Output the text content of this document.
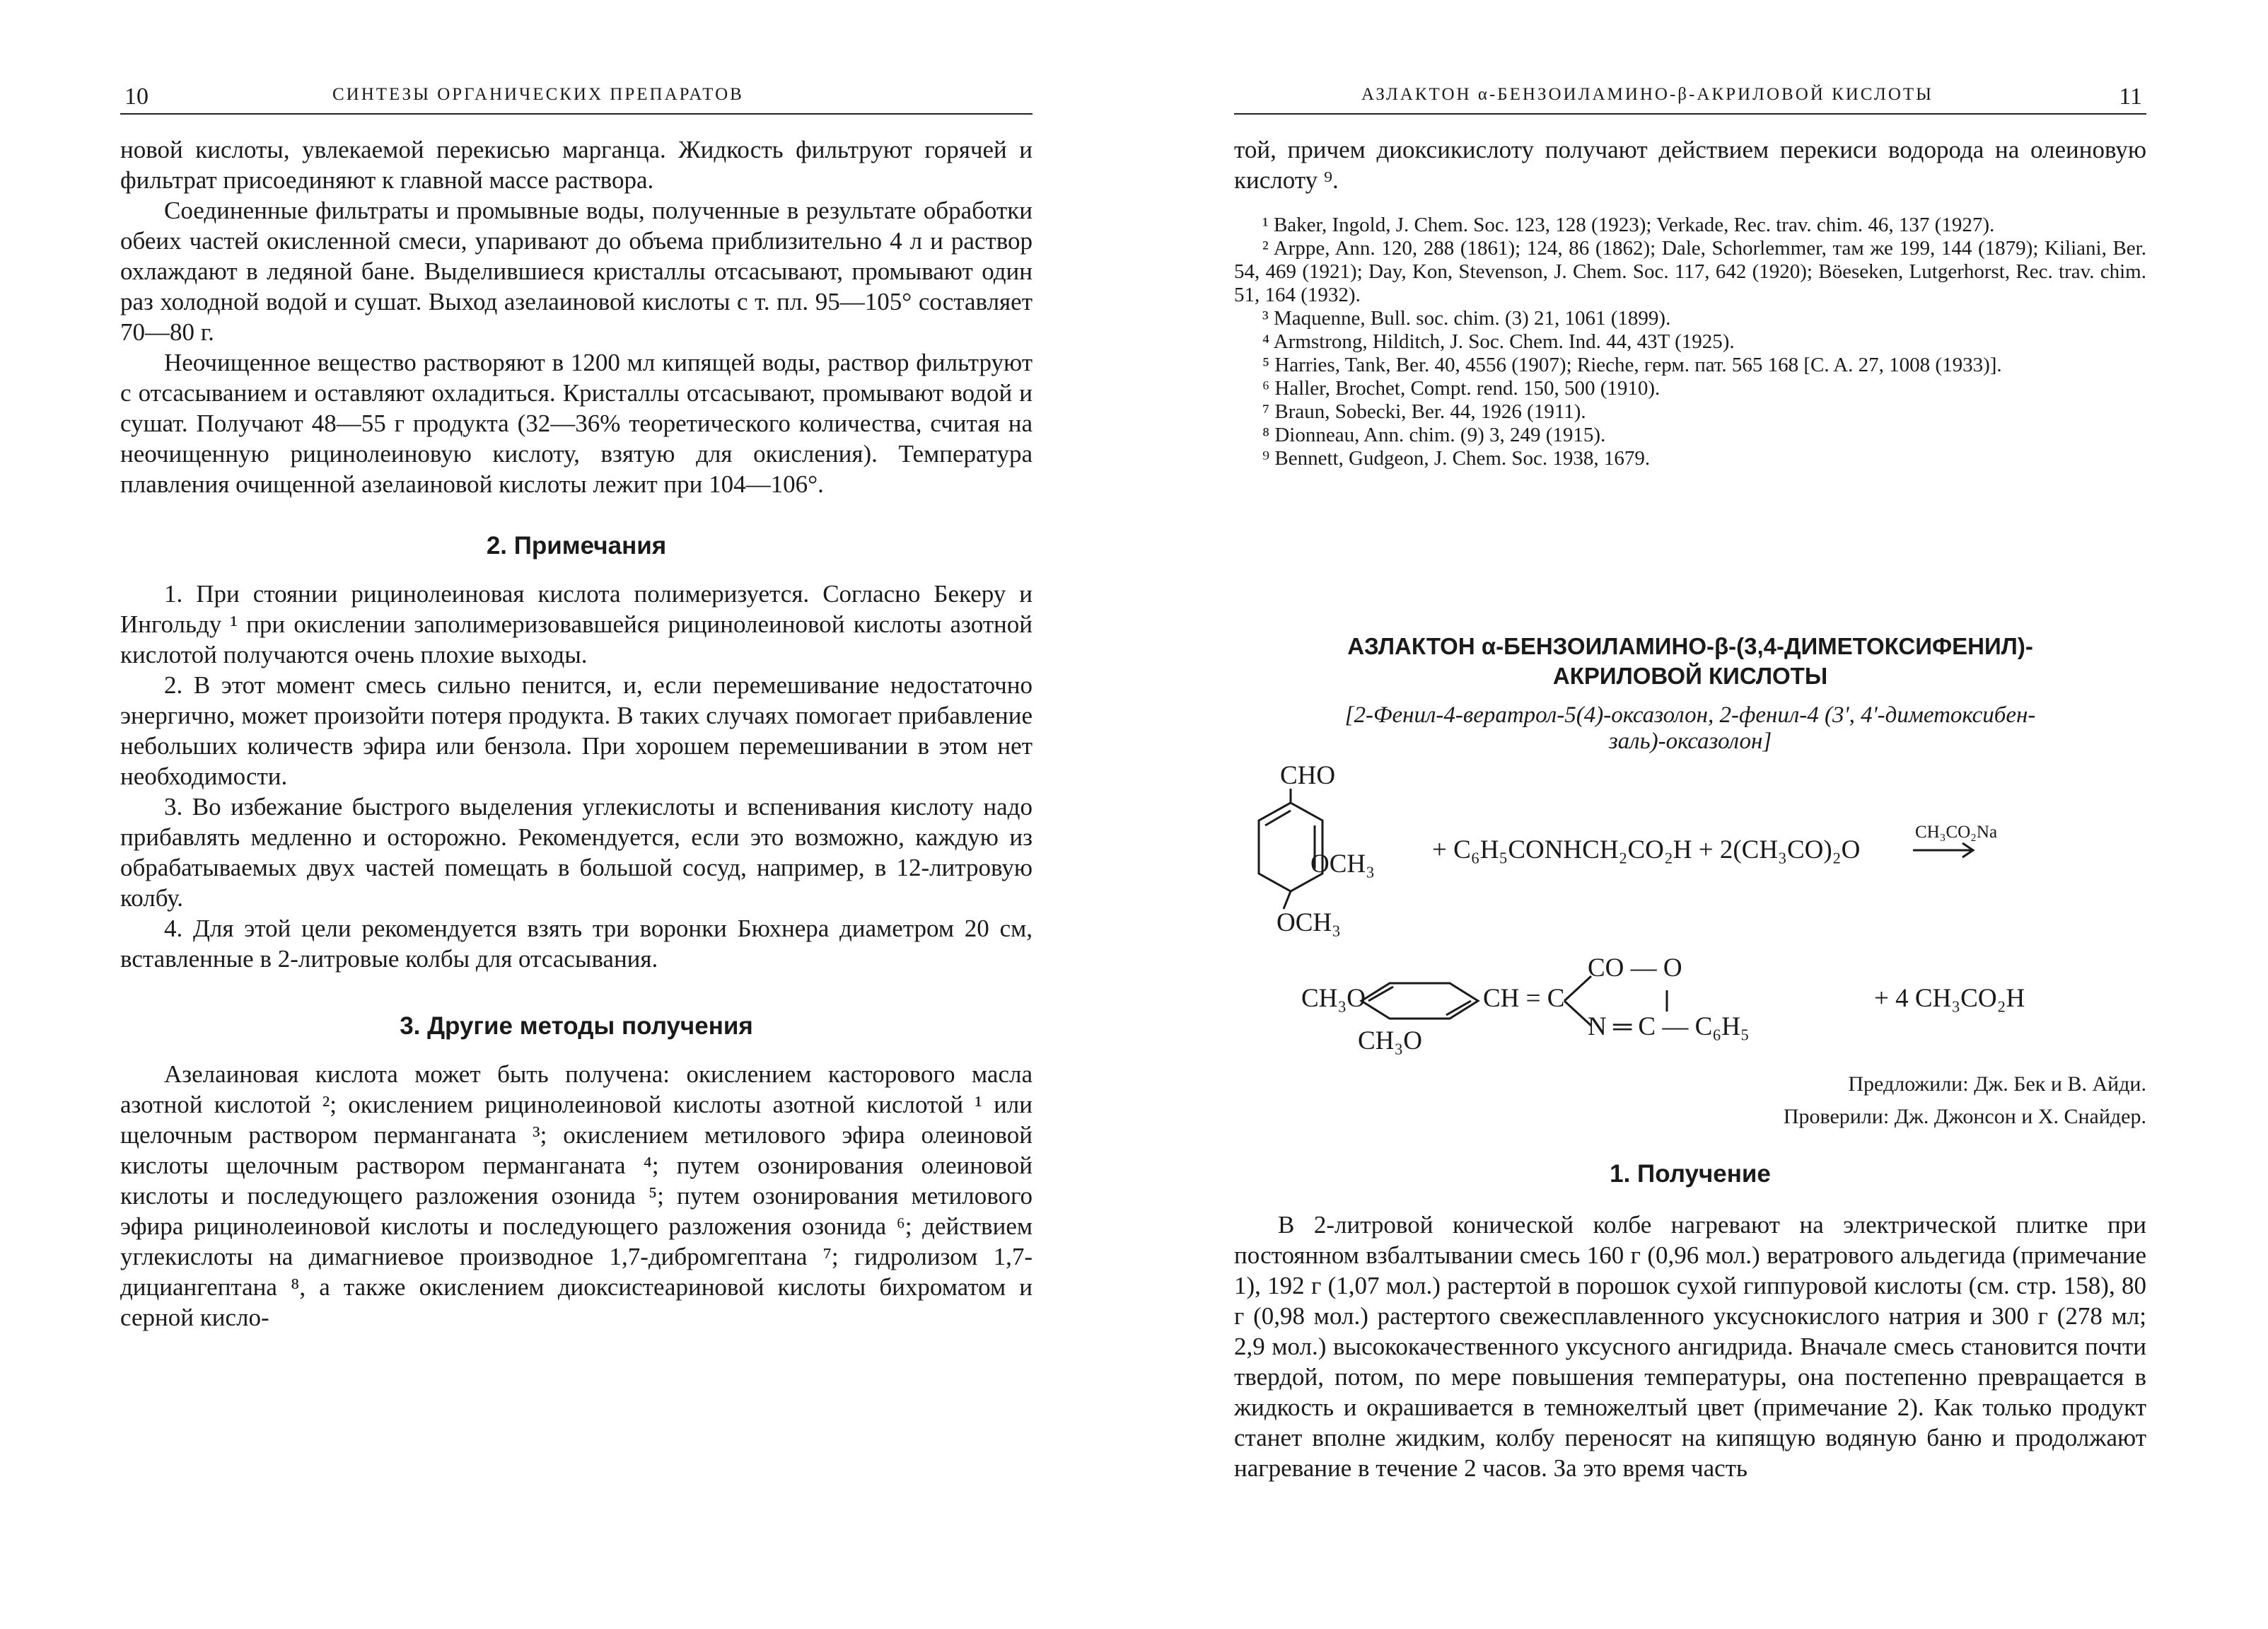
10	СИНТЕЗЫ ОРГАНИЧЕСКИХ ПРЕПАРАТОВ

новой кислоты, увлекаемой перекисью марганца. Жидкость фильтруют горячей и фильтрат присоединяют к главной массе раствора.

Соединенные фильтраты и промывные воды, полученные в результате обработки обеих частей окисленной смеси, упаривают до объема приблизительно 4 л и раствор охлаждают в ледяной бане. Выделившиеся кристаллы отсасывают, промывают один раз холодной водой и сушат. Выход азелаиновой кислоты с т. пл. 95—105° составляет 70—80 г.

Неочищенное вещество растворяют в 1200 мл кипящей воды, раствор фильтруют с отсасыванием и оставляют охладиться. Кристаллы отсасывают, промывают водой и сушат. Получают 48—55 г продукта (32—36% теоретического количества, считая на неочищенную рицинолеиновую кислоту, взятую для окисления). Температура плавления очищенной азелаиновой кислоты лежит при 104—106°.

2. Примечания

1. При стоянии рицинолеиновая кислота полимеризуется. Согласно Бекеру и Ингольду ¹ при окислении заполимеризовавшейся рицинолеиновой кислоты азотной кислотой получаются очень плохие выходы.

2. В этот момент смесь сильно пенится, и, если перемешивание недостаточно энергично, может произойти потеря продукта. В таких случаях помогает прибавление небольших количеств эфира или бензола. При хорошем перемешивании в этом нет необходимости.

3. Во избежание быстрого выделения углекислоты и вспенивания кислоту надо прибавлять медленно и осторожно. Рекомендуется, если это возможно, каждую из обрабатываемых двух частей помещать в большой сосуд, например, в 12-литровую колбу.

4. Для этой цели рекомендуется взять три воронки Бюхнера диаметром 20 см, вставленные в 2-литровые колбы для отсасывания.

3. Другие методы получения

Азелаиновая кислота может быть получена: окислением касторового масла азотной кислотой ²; окислением рицинолеиновой кислоты азотной кислотой ¹ или щелочным раствором перманганата ³; окислением метилового эфира олеиновой кислоты щелочным раствором перманганата ⁴; путем озонирования олеиновой кислоты и последующего разложения озонида ⁵; путем озонирования метилового эфира рицинолеиновой кислоты и последующего разложения озонида ⁶; действием углекислоты на димагниевое производное 1,7-дибромгептана ⁷; гидролизом 1,7-дициангептана ⁸, а также окислением диоксистеариновой кислоты бихроматом и серной кисло-

АЗЛАКТОН α-БЕНЗОИЛАМИНО-β-АКРИЛОВОЙ КИСЛОТЫ	11

той, причем диоксикислоту получают действием перекиси водорода на олеиновую кислоту ⁹.

¹ Baker, Ingold, J. Chem. Soc. 123, 128 (1923); Verkade, Rec. trav. chim. 46, 137 (1927).

² Arppe, Ann. 120, 288 (1861); 124, 86 (1862); Dale, Schorlemmer, там же 199, 144 (1879); Kiliani, Ber. 54, 469 (1921); Day, Kon, Stevenson, J. Chem. Soc. 117, 642 (1920); Böeseken, Lutgerhorst, Rec. trav. chim. 51, 164 (1932).

³ Maquenne, Bull. soc. chim. (3) 21, 1061 (1899).

⁴ Armstrong, Hilditch, J. Soc. Chem. Ind. 44, 43T (1925).

⁵ Harries, Tank, Ber. 40, 4556 (1907); Rieche, герм. пат. 565 168 [C. A. 27, 1008 (1933)].

⁶ Haller, Brochet, Compt. rend. 150, 500 (1910).

⁷ Braun, Sobecki, Ber. 44, 1926 (1911).

⁸ Dionneau, Ann. chim. (9) 3, 249 (1915).

⁹ Bennett, Gudgeon, J. Chem. Soc. 1938, 1679.

АЗЛАКТОН α-БЕНЗОИЛАМИНО-β-(3,4-ДИМЕТОКСИФЕНИЛ)-
АКРИЛОВОЙ КИСЛОТЫ
[2-Фенил-4-вератрол-5(4)-оксазолон, 2-фенил-4 (3', 4'-диметоксибен-
заль)-оксазолон]
CHO
OCH₃
OCH₃
+ C₆H₅CONHCH₂CO₂H + 2(CH₃CO)₂O
CH₃CO₂Na
CH₃O
CH₃O
CH = C
CO — O
N ═ C — C₆H₅
+ 4 CH₃CO₂H
Предложили: Дж. Бек и В. Айди.
Проверили: Дж. Джонсон и Х. Снайдер.
1. Получение

В 2-литровой конической колбе нагревают на электрической плитке при постоянном взбалтывании смесь 160 г (0,96 мол.) вератрового альдегида (примечание 1), 192 г (1,07 мол.) растертой в порошок сухой гиппуровой кислоты (см. стр. 158), 80 г (0,98 мол.) растертого свежесплавленного уксуснокислого натрия и 300 г (278 мл; 2,9 мол.) высококачественного уксусного ангидрида. Вначале смесь становится почти твердой, потом, по мере повышения температуры, она постепенно превращается в жидкость и окрашивается в темножелтый цвет (примечание 2). Как только продукт станет вполне жидким, колбу переносят на кипящую водяную баню и продолжают нагревание в течение 2 часов. За это время часть
